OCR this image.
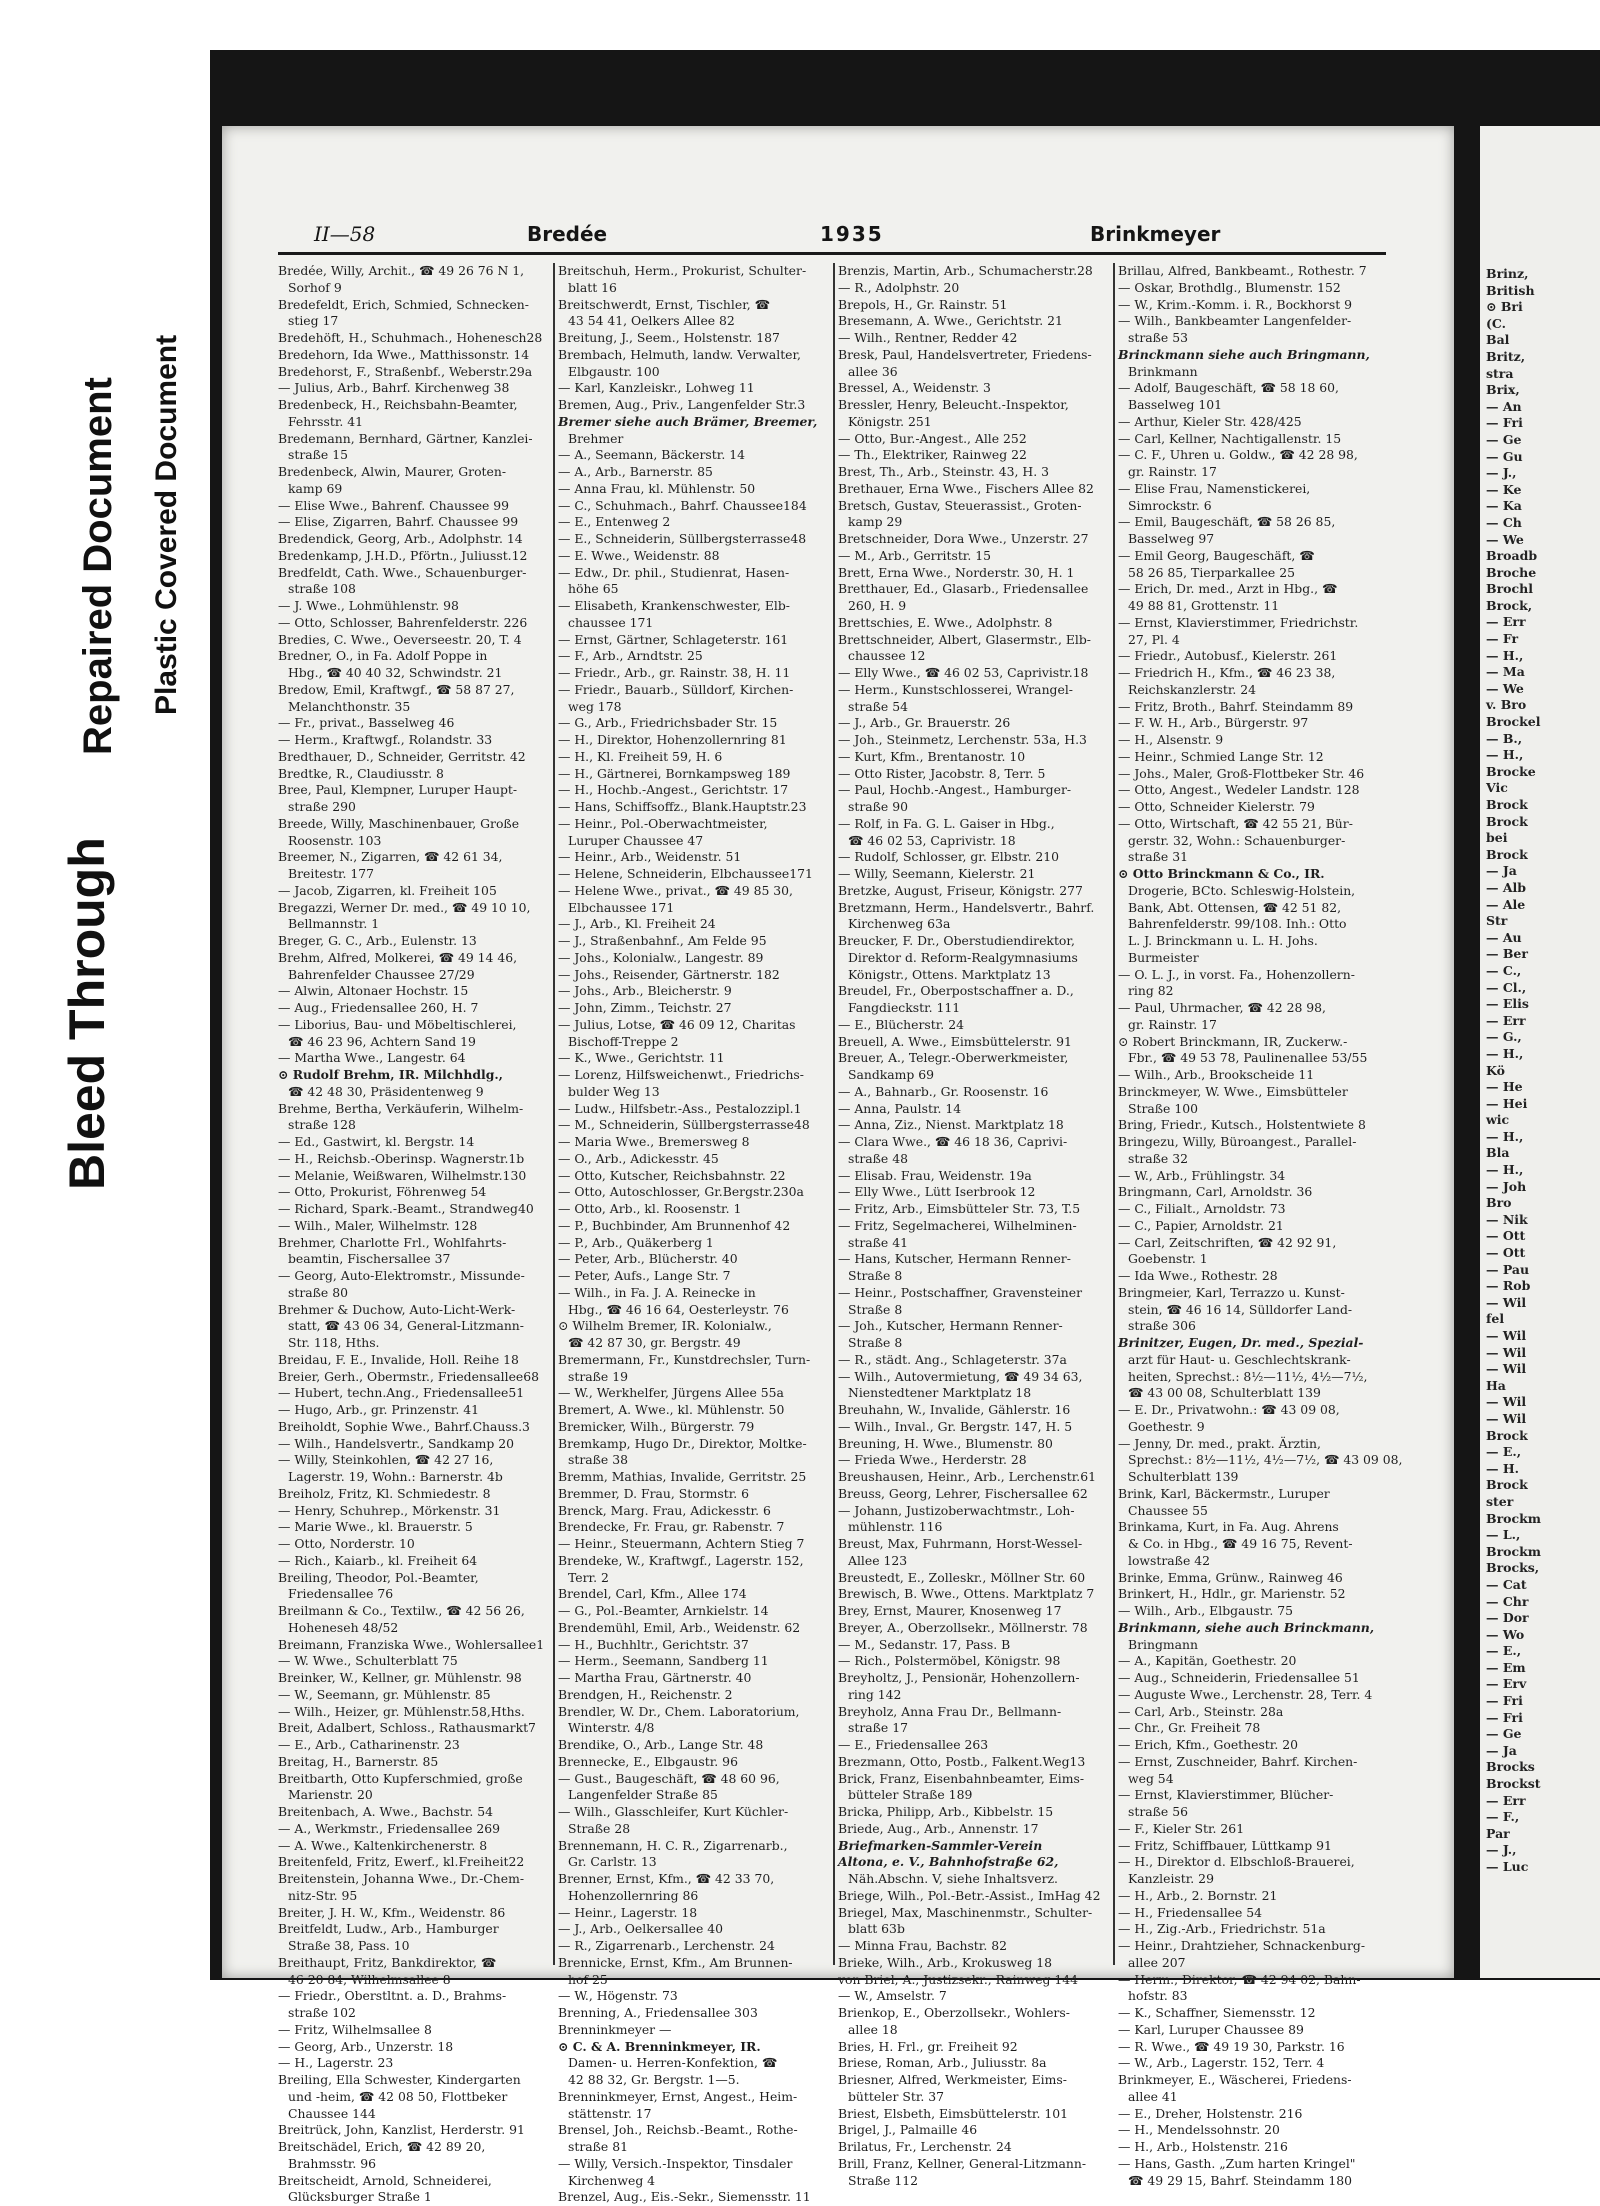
Bleed Through
Repaired Document Plastic Covered Document
Brinz,
British
⊙ Bri
(C.
Bal
Britz,
stra
Brix,
— An
— Fri
— Ge
— Gu
— J.,
— Ke
— Ka
— Ch
— We
Broadb
Broche
Brochl
Brock,
— Err
— Fr
— H.,
— Ma
— We
v. Bro
Brockel
— B.,
— H.,
Brocke
Vic
Brock
Brock
bei
Brock
— Ja
— Alb
— Ale
Str
— Au
— Ber
— C.,
— Cl.,
— Elis
— Err
— G.,
— H.,
Kö
— He
— Hei
wic
— H.,
Bla
— H.,
— Joh
Bro
— Nik
— Ott
— Ott
— Pau
— Rob
— Wil
fel
— Wil
— Wil
— Wil
Ha
— Wil
— Wil
Brock
— E.,
— H.
Brock
ster
Brockm
— L.,
Brockm
Brocks,
— Cat
— Chr
— Dor
— Wo
— E.,
— Em
— Erv
— Fri
— Fri
— Ge
— Ja
Brocks
Brockst
— Err
— F.,
Par
— J.,
— Luc
II—58	Bredée	1935	Brinkmeyer
Bredée, Willy, Archit., ☎ 49 26 76 N 1,
Sorhof 9
Bredefeldt, Erich, Schmied, Schnecken-
stieg 17
Bredehöft, H., Schuhmach., Hohenesch28
Bredehorn, Ida Wwe., Matthissonstr. 14
Bredehorst, F., Straßenbf., Weberstr.29a
— Julius, Arb., Bahrf. Kirchenweg 38
Bredenbeck, H., Reichsbahn-Beamter,
Fehrsstr. 41
Bredemann, Bernhard, Gärtner, Kanzlei-
straße 15
Bredenbeck, Alwin, Maurer, Groten-
kamp 69
— Elise Wwe., Bahrenf. Chaussee 99
— Elise, Zigarren, Bahrf. Chaussee 99
Bredendick, Georg, Arb., Adolphstr. 14
Bredenkamp, J.H.D., Pförtn., Juliusst.12
Bredfeldt, Cath. Wwe., Schauenburger-
straße 108
— J. Wwe., Lohmühlenstr. 98
— Otto, Schlosser, Bahrenfelderstr. 226
Bredies, C. Wwe., Oeverseestr. 20, T. 4
Bredner, O., in Fa. Adolf Poppe in
Hbg., ☎ 40 40 32, Schwindstr. 21
Bredow, Emil, Kraftwgf., ☎ 58 87 27,
Melanchthonstr. 35
— Fr., privat., Basselweg 46
— Herm., Kraftwgf., Rolandstr. 33
Bredthauer, D., Schneider, Gerritstr. 42
Bredtke, R., Claudiusstr. 8
Bree, Paul, Klempner, Luruper Haupt-
straße 290
Breede, Willy, Maschinenbauer, Große
Roosenstr. 103
Breemer, N., Zigarren, ☎ 42 61 34,
Breitestr. 177
— Jacob, Zigarren, kl. Freiheit 105
Bregazzi, Werner Dr. med., ☎ 49 10 10,
Bellmannstr. 1
Breger, G. C., Arb., Eulenstr. 13
Brehm, Alfred, Molkerei, ☎ 49 14 46,
Bahrenfelder Chaussee 27/29
— Alwin, Altonaer Hochstr. 15
— Aug., Friedensallee 260, H. 7
— Liborius, Bau- und Möbeltischlerei,
☎ 46 23 96, Achtern Sand 19
— Martha Wwe., Langestr. 64
⊙ Rudolf Brehm, IR. Milchhdlg.,
☎ 42 48 30, Präsidentenweg 9
Brehme, Bertha, Verkäuferin, Wilhelm-
straße 128
— Ed., Gastwirt, kl. Bergstr. 14
— H., Reichsb.-Oberinsp. Wagnerstr.1b
— Melanie, Weißwaren, Wilhelmstr.130
— Otto, Prokurist, Föhrenweg 54
— Richard, Spark.-Beamt., Strandweg40
— Wilh., Maler, Wilhelmstr. 128
Brehmer, Charlotte Frl., Wohlfahrts-
beamtin, Fischersallee 37
— Georg, Auto-Elektromstr., Missunde-
straße 80
Brehmer & Duchow, Auto-Licht-Werk-
statt, ☎ 43 06 34, General-Litzmann-
Str. 118, Hths.
Breidau, F. E., Invalide, Holl. Reihe 18
Breier, Gerh., Obermstr., Friedensallee68
— Hubert, techn.Ang., Friedensallee51
— Hugo, Arb., gr. Prinzenstr. 41
Breiholdt, Sophie Wwe., Bahrf.Chauss.3
— Wilh., Handelsvertr., Sandkamp 20
— Willy, Steinkohlen, ☎ 42 27 16,
Lagerstr. 19, Wohn.: Barnerstr. 4b
Breiholz, Fritz, Kl. Schmiedestr. 8
— Henry, Schuhrep., Mörkenstr. 31
— Marie Wwe., kl. Brauerstr. 5
— Otto, Norderstr. 10
— Rich., Kaiarb., kl. Freiheit 64
Breiling, Theodor, Pol.-Beamter,
Friedensallee 76
Breilmann & Co., Textilw., ☎ 42 56 26,
Hoheneseh 48/52
Breimann, Franziska Wwe., Wohlersallee1
— W. Wwe., Schulterblatt 75
Breinker, W., Kellner, gr. Mühlenstr. 98
— W., Seemann, gr. Mühlenstr. 85
— Wilh., Heizer, gr. Mühlenstr.58,Hths.
Breit, Adalbert, Schloss., Rathausmarkt7
— E., Arb., Catharinenstr. 23
Breitag, H., Barnerstr. 85
Breitbarth, Otto Kupferschmied, große
Marienstr. 20
Breitenbach, A. Wwe., Bachstr. 54
— A., Werkmstr., Friedensallee 269
— A. Wwe., Kaltenkirchenerstr. 8
Breitenfeld, Fritz, Ewerf., kl.Freiheit22
Breitenstein, Johanna Wwe., Dr.-Chem-
nitz-Str. 95
Breiter, J. H. W., Kfm., Weidenstr. 86
Breitfeldt, Ludw., Arb., Hamburger
Straße 38, Pass. 10
Breithaupt, Fritz, Bankdirektor, ☎
46 20 84, Wilhelmsallee 8
— Friedr., Oberstltnt. a. D., Brahms-
straße 102
— Fritz, Wilhelmsallee 8
— Georg, Arb., Unzerstr. 18
— H., Lagerstr. 23
Breiling, Ella Schwester, Kindergarten
und -heim, ☎ 42 08 50, Flottbeker
Chaussee 144
Breitrück, John, Kanzlist, Herderstr. 91
Breitschädel, Erich, ☎ 42 89 20,
Brahmsstr. 96
Breitscheidt, Arnold, Schneiderei,
Glücksburger Straße 1
Breitschuh, Herm., Prokurist, Schulter-
blatt 16
Breitschwerdt, Ernst, Tischler, ☎
43 54 41, Oelkers Allee 82
Breitung, J., Seem., Holstenstr. 187
Brembach, Helmuth, landw. Verwalter,
Elbgaustr. 100
— Karl, Kanzleiskr., Lohweg 11
Bremen, Aug., Priv., Langenfelder Str.3
Bremer siehe auch Brämer, Breemer,
Brehmer
— A., Seemann, Bäckerstr. 14
— A., Arb., Barnerstr. 85
— Anna Frau, kl. Mühlenstr. 50
— C., Schuhmach., Bahrf. Chaussee184
— E., Entenweg 2
— E., Schneiderin, Süllbergsterrasse48
— E. Wwe., Weidenstr. 88
— Edw., Dr. phil., Studienrat, Hasen-
höhe 65
— Elisabeth, Krankenschwester, Elb-
chaussee 171
— Ernst, Gärtner, Schlageterstr. 161
— F., Arb., Arndtstr. 25
— Friedr., Arb., gr. Rainstr. 38, H. 11
— Friedr., Bauarb., Sülldorf, Kirchen-
weg 178
— G., Arb., Friedrichsbader Str. 15
— H., Direktor, Hohenzollernring 81
— H., Kl. Freiheit 59, H. 6
— H., Gärtnerei, Bornkampsweg 189
— H., Hochb.-Angest., Gerichtstr. 17
— Hans, Schiffsoffz., Blank.Hauptstr.23
— Heinr., Pol.-Oberwachtmeister,
Luruper Chaussee 47
— Heinr., Arb., Weidenstr. 51
— Helene, Schneiderin, Elbchaussee171
— Helene Wwe., privat., ☎ 49 85 30,
Elbchaussee 171
— J., Arb., Kl. Freiheit 24
— J., Straßenbahnf., Am Felde 95
— Johs., Kolonialw., Langestr. 89
— Johs., Reisender, Gärtnerstr. 182
— Johs., Arb., Bleicherstr. 9
— John, Zimm., Teichstr. 27
— Julius, Lotse, ☎ 46 09 12, Charitas
Bischoff-Treppe 2
— K., Wwe., Gerichtstr. 11
— Lorenz, Hilfsweichenwt., Friedrichs-
bulder Weg 13
— Ludw., Hilfsbetr.-Ass., Pestalozzipl.1
— M., Schneiderin, Süllbergsterrasse48
— Maria Wwe., Bremersweg 8
— O., Arb., Adickesstr. 45
— Otto, Kutscher, Reichsbahnstr. 22
— Otto, Autoschlosser, Gr.Bergstr.230a
— Otto, Arb., kl. Roosenstr. 1
— P., Buchbinder, Am Brunnenhof 42
— P., Arb., Quäkerberg 1
— Peter, Arb., Blücherstr. 40
— Peter, Aufs., Lange Str. 7
— Wilh., in Fa. J. A. Reinecke in
Hbg., ☎ 46 16 64, Oesterleystr. 76
⊙ Wilhelm Bremer, IR. Kolonialw.,
☎ 42 87 30, gr. Bergstr. 49
Bremermann, Fr., Kunstdrechsler, Turn-
straße 19
— W., Werkhelfer, Jürgens Allee 55a
Bremert, A. Wwe., kl. Mühlenstr. 50
Bremicker, Wilh., Bürgerstr. 79
Bremkamp, Hugo Dr., Direktor, Moltke-
straße 38
Bremm, Mathias, Invalide, Gerritstr. 25
Bremmer, D. Frau, Stormstr. 6
Brenck, Marg. Frau, Adickesstr. 6
Brendecke, Fr. Frau, gr. Rabenstr. 7
— Heinr., Steuermann, Achtern Stieg 7
Brendeke, W., Kraftwgf., Lagerstr. 152,
Terr. 2
Brendel, Carl, Kfm., Allee 174
— G., Pol.-Beamter, Arnkielstr. 14
Brendemühl, Emil, Arb., Weidenstr. 62
— H., Buchhltr., Gerichtstr. 37
— Herm., Seemann, Sandberg 11
— Martha Frau, Gärtnerstr. 40
Brendgen, H., Reichenstr. 2
Brendler, W. Dr., Chem. Laboratorium,
Winterstr. 4/8
Brendike, O., Arb., Lange Str. 48
Brennecke, E., Elbgaustr. 96
— Gust., Baugeschäft, ☎ 48 60 96,
Langenfelder Straße 85
— Wilh., Glasschleifer, Kurt Küchler-
Straße 28
Brennemann, H. C. R., Zigarrenarb.,
Gr. Carlstr. 13
Brenner, Ernst, Kfm., ☎ 42 33 70,
Hohenzollernring 86
— Heinr., Lagerstr. 18
— J., Arb., Oelkersallee 40
— R., Zigarrenarb., Lerchenstr. 24
Brennicke, Ernst, Kfm., Am Brunnen-
hof 25
— W., Högenstr. 73
Brenning, A., Friedensallee 303
Brenninkmeyer —
⊙ C. & A. Brenninkmeyer, IR.
Damen- u. Herren-Konfektion, ☎
42 88 32, Gr. Bergstr. 1—5.
Brenninkmeyer, Ernst, Angest., Heim-
stättenstr. 17
Brensel, Joh., Reichsb.-Beamt., Rothe-
straße 81
— Willy, Versich.-Inspektor, Tinsdaler
Kirchenweg 4
Brenzel, Aug., Eis.-Sekr., Siemensstr. 11
Brenzis, Martin, Arb., Schumacherstr.28
— R., Adolphstr. 20
Brepols, H., Gr. Rainstr. 51
Bresemann, A. Wwe., Gerichtstr. 21
— Wilh., Rentner, Redder 42
Bresk, Paul, Handelsvertreter, Friedens-
allee 36
Bressel, A., Weidenstr. 3
Bressler, Henry, Beleucht.-Inspektor,
Königstr. 251
— Otto, Bur.-Angest., Alle 252
— Th., Elektriker, Rainweg 22
Brest, Th., Arb., Steinstr. 43, H. 3
Brethauer, Erna Wwe., Fischers Allee 82
Bretsch, Gustav, Steuerassist., Groten-
kamp 29
Bretschneider, Dora Wwe., Unzerstr. 27
— M., Arb., Gerritstr. 15
Brett, Erna Wwe., Norderstr. 30, H. 1
Bretthauer, Ed., Glasarb., Friedensallee
260, H. 9
Brettschies, E. Wwe., Adolphstr. 8
Brettschneider, Albert, Glasermstr., Elb-
chaussee 12
— Elly Wwe., ☎ 46 02 53, Caprivistr.18
— Herm., Kunstschlosserei, Wrangel-
straße 54
— J., Arb., Gr. Brauerstr. 26
— Joh., Steinmetz, Lerchenstr. 53a, H.3
— Kurt, Kfm., Brentanostr. 10
— Otto Rister, Jacobstr. 8, Terr. 5
— Paul, Hochb.-Angest., Hamburger-
straße 90
— Rolf, in Fa. G. L. Gaiser in Hbg.,
☎ 46 02 53, Caprivistr. 18
— Rudolf, Schlosser, gr. Elbstr. 210
— Willy, Seemann, Kielerstr. 21
Bretzke, August, Friseur, Königstr. 277
Bretzmann, Herm., Handelsvertr., Bahrf.
Kirchenweg 63a
Breucker, F. Dr., Oberstudiendirektor,
Direktor d. Reform-Realgymnasiums
Königstr., Ottens. Marktplatz 13
Breudel, Fr., Oberpostschaffner a. D.,
Fangdieckstr. 111
— E., Blücherstr. 24
Breuell, A. Wwe., Eimsbüttelerstr. 91
Breuer, A., Telegr.-Oberwerkmeister,
Sandkamp 69
— A., Bahnarb., Gr. Roosenstr. 16
— Anna, Paulstr. 14
— Anna, Ziz., Nienst. Marktplatz 18
— Clara Wwe., ☎ 46 18 36, Caprivi-
straße 48
— Elisab. Frau, Weidenstr. 19a
— Elly Wwe., Lütt Iserbrook 12
— Fritz, Arb., Eimsbütteler Str. 73, T.5
— Fritz, Segelmacherei, Wilhelminen-
straße 41
— Hans, Kutscher, Hermann Renner-
Straße 8
— Heinr., Postschaffner, Gravensteiner
Straße 8
— Joh., Kutscher, Hermann Renner-
Straße 8
— R., städt. Ang., Schlageterstr. 37a
— Wilh., Autovermietung, ☎ 49 34 63,
Nienstedtener Marktplatz 18
Breuhahn, W., Invalide, Gählerstr. 16
— Wilh., Inval., Gr. Bergstr. 147, H. 5
Breuning, H. Wwe., Blumenstr. 80
— Frieda Wwe., Herderstr. 28
Breushausen, Heinr., Arb., Lerchenstr.61
Breuss, Georg, Lehrer, Fischersallee 62
— Johann, Justizoberwachtmstr., Loh-
mühlenstr. 116
Breust, Max, Fuhrmann, Horst-Wessel-
Allee 123
Breustedt, E., Zolleskr., Möllner Str. 60
Brewisch, B. Wwe., Ottens. Marktplatz 7
Brey, Ernst, Maurer, Knosenweg 17
Breyer, A., Oberzollsekr., Möllnerstr. 78
— M., Sedanstr. 17, Pass. B
— Rich., Polstermöbel, Königstr. 98
Breyholtz, J., Pensionär, Hohenzollern-
ring 142
Breyholz, Anna Frau Dr., Bellmann-
straße 17
— E., Friedensallee 263
Brezmann, Otto, Postb., Falkent.Weg13
Brick, Franz, Eisenbahnbeamter, Eims-
bütteler Straße 189
Bricka, Philipp, Arb., Kibbelstr. 15
Briede, Aug., Arb., Annenstr. 17
Briefmarken-Sammler-Verein
Altona, e. V., Bahnhofstraße 62,
Näh.Abschn. V, siehe Inhaltsverz.
Briege, Wilh., Pol.-Betr.-Assist., ImHag 42
Briegel, Max, Maschinenmstr., Schulter-
blatt 63b
— Minna Frau, Bachstr. 82
Brieke, Wilh., Arb., Krokusweg 18
von Briel, A., Justizsekr., Rainweg 144
— W., Amselstr. 7
Brienkop, E., Oberzollsekr., Wohlers-
allee 18
Bries, H. Frl., gr. Freiheit 92
Briese, Roman, Arb., Juliusstr. 8a
Briesner, Alfred, Werkmeister, Eims-
bütteler Str. 37
Briest, Elsbeth, Eimsbüttelerstr. 101
Brigel, J., Palmaille 46
Brilatus, Fr., Lerchenstr. 24
Brill, Franz, Kellner, General-Litzmann-
Straße 112
Brillau, Alfred, Bankbeamt., Rothestr. 7
— Oskar, Brothdlg., Blumenstr. 152
— W., Krim.-Komm. i. R., Bockhorst 9
— Wilh., Bankbeamter Langenfelder-
straße 53
Brinckmann siehe auch Bringmann,
Brinkmann
— Adolf, Baugeschäft, ☎ 58 18 60,
Basselweg 101
— Arthur, Kieler Str. 428/425
— Carl, Kellner, Nachtigallenstr. 15
— C. F., Uhren u. Goldw., ☎ 42 28 98,
gr. Rainstr. 17
— Elise Frau, Namenstickerei,
Simrockstr. 6
— Emil, Baugeschäft, ☎ 58 26 85,
Basselweg 97
— Emil Georg, Baugeschäft, ☎
58 26 85, Tierparkallee 25
— Erich, Dr. med., Arzt in Hbg., ☎
49 88 81, Grottenstr. 11
— Ernst, Klavierstimmer, Friedrichstr.
27, Pl. 4
— Friedr., Autobusf., Kielerstr. 261
— Friedrich H., Kfm., ☎ 46 23 38,
Reichskanzlerstr. 24
— Fritz, Broth., Bahrf. Steindamm 89
— F. W. H., Arb., Bürgerstr. 97
— H., Alsenstr. 9
— Heinr., Schmied Lange Str. 12
— Johs., Maler, Groß-Flottbeker Str. 46
— Otto, Angest., Wedeler Landstr. 128
— Otto, Schneider Kielerstr. 79
— Otto, Wirtschaft, ☎ 42 55 21, Bür-
gerstr. 32, Wohn.: Schauenburger-
straße 31
⊙ Otto Brinckmann & Co., IR.
Drogerie, BCto. Schleswig-Holstein,
Bank, Abt. Ottensen, ☎ 42 51 82,
Bahrenfelderstr. 99/108. Inh.: Otto
L. J. Brinckmann u. L. H. Johs.
Burmeister
— O. L. J., in vorst. Fa., Hohenzollern-
ring 82
— Paul, Uhrmacher, ☎ 42 28 98,
gr. Rainstr. 17
⊙ Robert Brinckmann, IR, Zuckerw.-
Fbr., ☎ 49 53 78, Paulinenallee 53/55
— Wilh., Arb., Brookscheide 11
Brinckmeyer, W. Wwe., Eimsbütteler
Straße 100
Bring, Friedr., Kutsch., Holstentwiete 8
Bringezu, Willy, Büroangest., Parallel-
straße 32
— W., Arb., Frühlingstr. 34
Bringmann, Carl, Arnoldstr. 36
— C., Filialt., Arnoldstr. 73
— C., Papier, Arnoldstr. 21
— Carl, Zeitschriften, ☎ 42 92 91,
Goebenstr. 1
— Ida Wwe., Rothestr. 28
Bringmeier, Karl, Terrazzo u. Kunst-
stein, ☎ 46 16 14, Sülldorfer Land-
straße 306
Brinitzer, Eugen, Dr. med., Spezial-
arzt für Haut- u. Geschlechtskrank-
heiten, Sprechst.: 8½—11½, 4½—7½,
☎ 43 00 08, Schulterblatt 139
— E. Dr., Privatwohn.: ☎ 43 09 08,
Goethestr. 9
— Jenny, Dr. med., prakt. Ärztin,
Sprechst.: 8½—11½, 4½—7½, ☎ 43 09 08,
Schulterblatt 139
Brink, Karl, Bäckermstr., Luruper
Chaussee 55
Brinkama, Kurt, in Fa. Aug. Ahrens
& Co. in Hbg., ☎ 49 16 75, Revent-
lowstraße 42
Brinke, Emma, Grünw., Rainweg 46
Brinkert, H., Hdlr., gr. Marienstr. 52
— Wilh., Arb., Elbgaustr. 75
Brinkmann, siehe auch Brinckmann,
Bringmann
— A., Kapitän, Goethestr. 20
— Aug., Schneiderin, Friedensallee 51
— Auguste Wwe., Lerchenstr. 28, Terr. 4
— Carl, Arb., Steinstr. 28a
— Chr., Gr. Freiheit 78
— Erich, Kfm., Goethestr. 20
— Ernst, Zuschneider, Bahrf. Kirchen-
weg 54
— Ernst, Klavierstimmer, Blücher-
straße 56
— F., Kieler Str. 261
— Fritz, Schiffbauer, Lüttkamp 91
— H., Direktor d. Elbschloß-Brauerei,
Kanzleistr. 29
— H., Arb., 2. Bornstr. 21
— H., Friedensallee 54
— H., Zig.-Arb., Friedrichstr. 51a
— Heinr., Drahtzieher, Schnackenburg-
allee 207
— Herm., Direktor, ☎ 42 94 02, Bahn-
hofstr. 83
— K., Schaffner, Siemensstr. 12
— Karl, Luruper Chaussee 89
— R. Wwe., ☎ 49 19 30, Parkstr. 16
— W., Arb., Lagerstr. 152, Terr. 4
Brinkmeyer, E., Wäscherei, Friedens-
allee 41
— E., Dreher, Holstenstr. 216
— H., Mendelssohnstr. 20
— H., Arb., Holstenstr. 216
— Hans, Gasth. „Zum harten Kringel"
☎ 49 29 15, Bahrf. Steindamm 180
